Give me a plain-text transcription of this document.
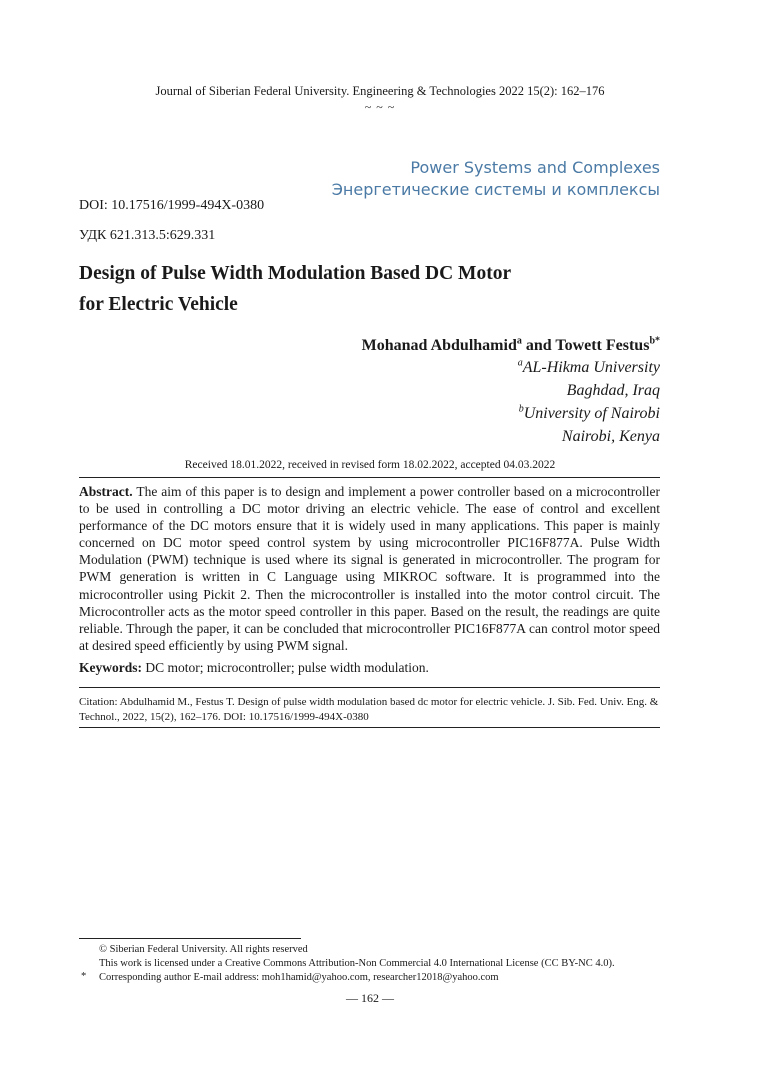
Journal of Siberian Federal University. Engineering & Technologies 2022 15(2): 162–176
~ ~ ~
Power Systems and Complexes
Энергетические системы и комплексы
DOI: 10.17516/1999-494X-0380
УДК 621.313.5:629.331
Design of Pulse Width Modulation Based DC Motor
for Electric Vehicle
Mohanad Abdulhamid$^a$ and Towett Festus$^{b*}$
$^a$AL-Hikma University
Baghdad, Iraq
$^b$University of Nairobi
Nairobi, Kenya
Received 18.01.2022, received in revised form 18.02.2022, accepted 04.03.2022
Abstract. The aim of this paper is to design and implement a power controller based on a microcontroller to be used in controlling a DC motor driving an electric vehicle. The ease of control and excellent performance of the DC motors ensure that it is widely used in many applications. This paper is mainly concerned on DC motor speed control system by using microcontroller PIC16F877A. Pulse Width Modulation (PWM) technique is used where its signal is generated in microcontroller. The program for PWM generation is written in C Language using MIKROC software. It is programmed into the microcontroller using Pickit 2. Then the microcontroller is installed into the motor control circuit. The Microcontroller acts as the motor speed controller in this paper. Based on the result, the readings are quite reliable. Through the paper, it can be concluded that microcontroller PIC16F877A can control motor speed at desired speed efficiently by using PWM signal.
Keywords: DC motor; microcontroller; pulse width modulation.
Citation: Abdulhamid M., Festus T. Design of pulse width modulation based dc motor for electric vehicle. J. Sib. Fed. Univ. Eng. & Technol., 2022, 15(2), 162–176. DOI: 10.17516/1999-494X-0380
© Siberian Federal University. All rights reserved
This work is licensed under a Creative Commons Attribution-Non Commercial 4.0 International License (CC BY-NC 4.0).
* Corresponding author E-mail address: moh1hamid@yahoo.com, researcher12018@yahoo.com
— 162 —
